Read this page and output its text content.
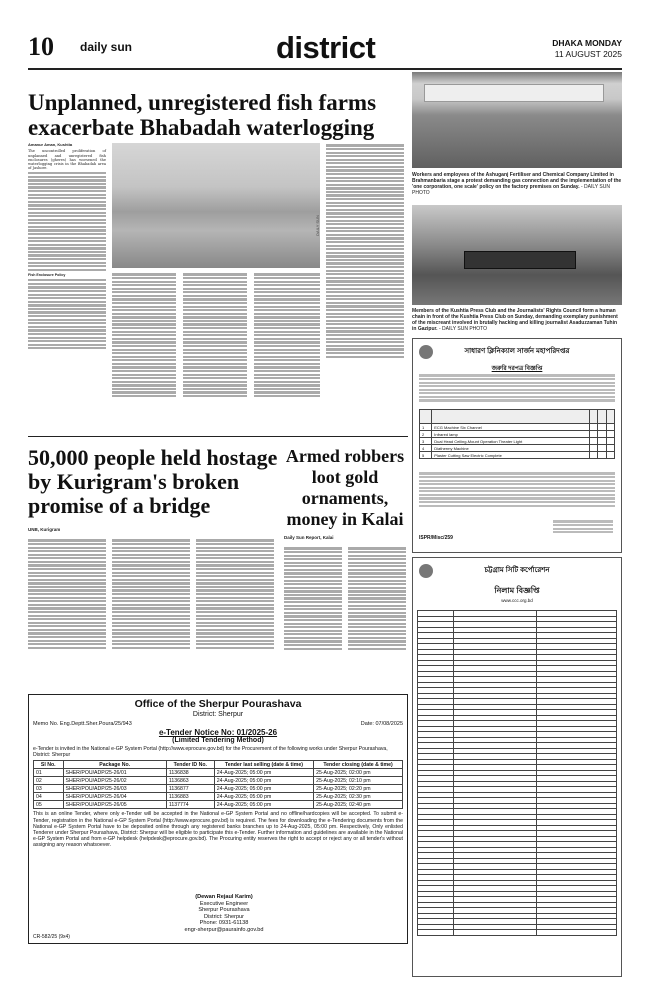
10 daily sun	district	DHAKA MONDAY
11 AUGUST 2025
Unplanned, unregistered fish farms exacerbate Bhabadah waterlogging
Amanur Aman, Kushtia
The uncontrolled proliferation of unplanned and unregistered fish enclosures (gheres) has worsened the waterlogging crisis in the Bhabadah area of Jashore.
Fish Enclosure Policy
DAILY SUN
Workers and employees of the Ashuganj Fertiliser and Chemical Company Limited in Brahmanbaria stage a protest demanding gas connection and the implementation of the 'one corporation, one scale' policy on the factory premises on Sunday. - DAILY SUN PHOTO
Members of the Kushtia Press Club and the Journalists' Rights Council form a human chain in front of the Kushtia Press Club on Sunday, demanding exemplary punishment of the miscreant involved in brutally hacking and killing journalist Asaduzzaman Tuhin in Gazipur. - DAILY SUN PHOTO
সাধারণ ক্লিনিক্যাল সার্জন মহাপরিদপ্তর
জরুরি দরপত্র বিজ্ঞপ্তি

1	ECG Machine Six Channel			
2	Infrared lamp			
3	Dual Head Ceiling-Mount Operation Theater Light			
4	Diathermy Machine			
5	Plaster Cutting Saw Electric Complete			
ISPR/Misc/259
চট্টগ্রাম সিটি কর্পোরেশন
নিলাম বিজ্ঞপ্তি
www.ccc.org.bd

50,000 people held hostage by Kurigram's broken promise of a bridge
UNB, Kurigram
Armed robbers loot gold ornaments, money in Kalai
Daily Sun Report, Kalai
Office of the Sherpur Pourashava
District: Sherpur
Memo No. Eng.Deptt.Sher.Poura/25/943	Date: 07/08/2025
e-Tender Notice No: 01/2025-26
(Limited Tendering Method)
e-Tender is invited in the National e-GP System Portal (http://www.eprocure.gov.bd) for the Procurement of the following works under Sherpur Pourashava, District: Sherpur
Sl No.	Package No.	Tender ID No.	Tender last selling (date & time)	Tender closing (date & time)
01	SHER/POU/ADP/25-26/01	1136838	24-Aug-2025; 05:00 pm	25-Aug-2025; 02:00 pm
02	SHER/POU/ADP/25-26/02	1136863	24-Aug-2025; 05:00 pm	25-Aug-2025; 02:10 pm
03	SHER/POU/ADP/25-26/03	1136877	24-Aug-2025; 05:00 pm	25-Aug-2025; 02:20 pm
04	SHER/POU/ADP/25-26/04	1136883	24-Aug-2025; 05:00 pm	25-Aug-2025; 02:30 pm
05	SHER/POU/ADP/25-26/05	1137774	24-Aug-2025; 05:00 pm	25-Aug-2025; 02:40 pm
This is an online Tender, where only e-Tender will be accepted in the National e-GP System Portal and no offline/hardcopies will be accepted. To submit e-Tender, registration in the National e-GP System Portal (http://www.eprocure.gov.bd) is required. The fees for downloading the e-Tendering documents from the National e-GP System Portal have to be deposited online through any registered banks branches up to 24-Aug-2025, 05:00 pm. Respectively, Only enlisted Tenderer under Sherpur Pourashava, District: Sherpur will be eligible to participate this e-Tender. Further information and guidelines are available in the National e-GP System Portal and from e-GP helpdesk (helpdesk@eprocure.gov.bd). The Procuring entity reserves the right to accept or reject any or all tender's without assigning any reason whatsoever.
(Dewan Rejaul Karim)
Executive Engineer
Sherpur Pourashava
District: Sherpur
Phone: 0931-61138
engr-sherpur@paurainfo.gov.bd
CR-582/25 (9x4)
